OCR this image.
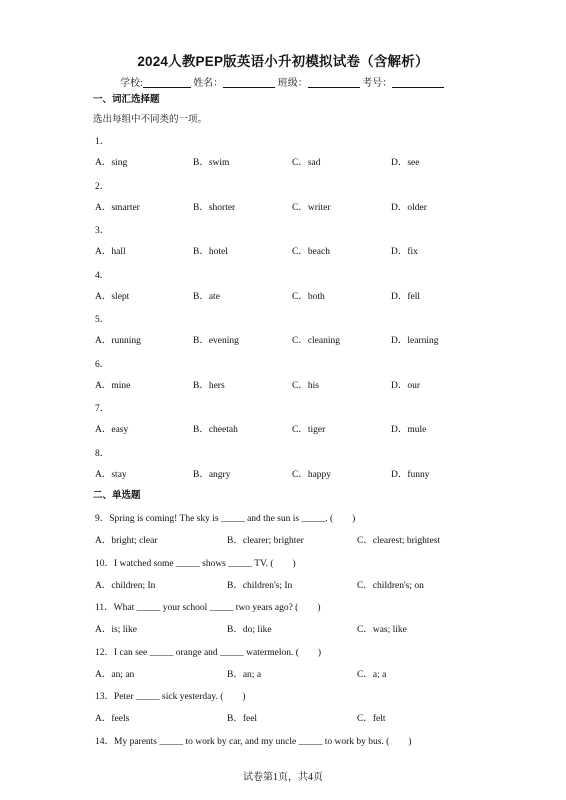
2024人教PEP版英语小升初模拟试卷（含解析）
学校:	姓名：	班级：	考号：
一、词汇选择题
选出每组中不同类的一项。
1．
A．sing	B．swim	C．sad	D．see
2．
A．smarter	B．shorter	C．writer	D．older
3．
A．hall	B．hotel	C．beach	D．fix
4．
A．slept	B．ate	C．both	D．fell
5．
A．running	B．evening	C．cleaning	D．learning
6．
A．mine	B．hers	C．his	D．our
7．
A．easy	B．cheetah	C．tiger	D．mule
8．
A．stay	B．angry	C．happy	D．funny
二、单选题
9．Spring is coming! The sky is _____ and the sun is _____. (　　)
A．bright; clear	B．clearer; brighter	C．clearest; brightest
10．I watched some _____ shows _____ TV. (　　)
A．children; In	B．children's; In	C．children's; on
11．What _____ your school _____ two years ago? (　　)
A．is; like	B．do; like	C．was; like
12．I can see _____ orange and _____ watermelon. (　　)
A．an; an	B．an; a	C．a; a
13．Peter _____ sick yesterday. (　　)
A．feels	B．feel	C．felt
14．My parents _____ to work by car, and my uncle _____ to work by bus. (　　)
试卷第1页，共4页
